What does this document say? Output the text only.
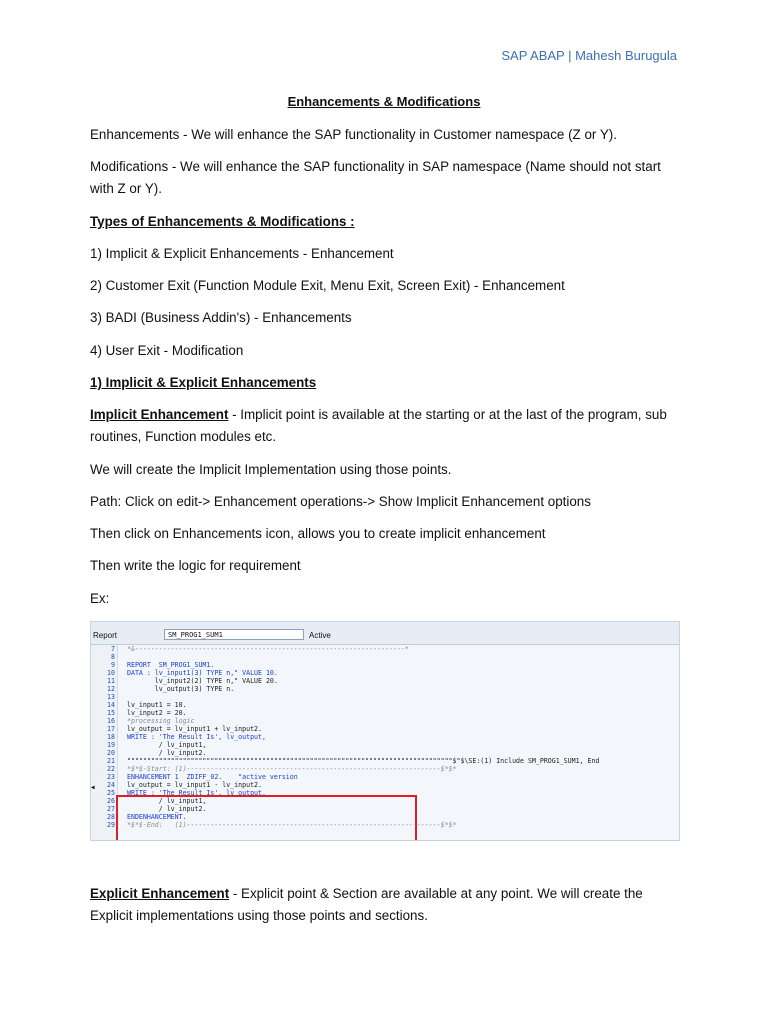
SAP ABAP | Mahesh Burugula
Enhancements & Modifications
Enhancements - We will enhance the SAP functionality in Customer namespace (Z or Y).
Modifications - We will enhance the SAP functionality in SAP namespace (Name should not start with Z or Y).
Types of Enhancements & Modifications :
1) Implicit & Explicit Enhancements - Enhancement
2) Customer Exit (Function Module Exit, Menu Exit, Screen Exit) - Enhancement
3) BADI (Business Addin's) - Enhancements
4) User Exit - Modification
1) Implicit & Explicit Enhancements
Implicit Enhancement - Implicit point is available at the starting or at the last of the program, sub routines, Function modules etc.
We will create the Implicit Implementation using those points.
Path: Click on edit-> Enhancement operations-> Show Implicit Enhancement options
Then click on Enhancements icon, allows you to create implicit enhancement
Then write the logic for requirement
Ex:
Report	SM_PROG1_SUM1	Active
◀
7 *&--------------------------------------------------------------------*
8
9 REPORT  SM_PROG1_SUM1.
10 DATA : lv_input1(3) TYPE n," VALUE 10.
11       lv_input2(2) TYPE n," VALUE 20.
12       lv_output(3) TYPE n.
13
14 lv_input1 = 10.
15 lv_input2 = 20.
16 *processing logic
17 lv_output = lv_input1 + lv_input2.
18 WRITE : 'The Result Is', lv_output,
19        / lv_input1,
20        / lv_input2.
21 """"""""""""""""""""""""""""""""""""""""""""""""""""""""""""""""""""""""""""""""""$"$\SE:(1) Include SM_PROG1_SUM1, End
22 *$*$-Start: (1)----------------------------------------------------------------$*$*
23 ENHANCEMENT 1  ZDIFF_02.    "active version
24 lv_output = lv_input1 - lv_input2.
25 WRITE : 'The Result Is', lv_output,
26        / lv_input1,
27        / lv_input2.
28 ENDENHANCEMENT.
29 *$*$-End:   (1)----------------------------------------------------------------$*$*
Explicit Enhancement - Explicit point & Section are available at any point. We will create the Explicit implementations using those points and sections.
